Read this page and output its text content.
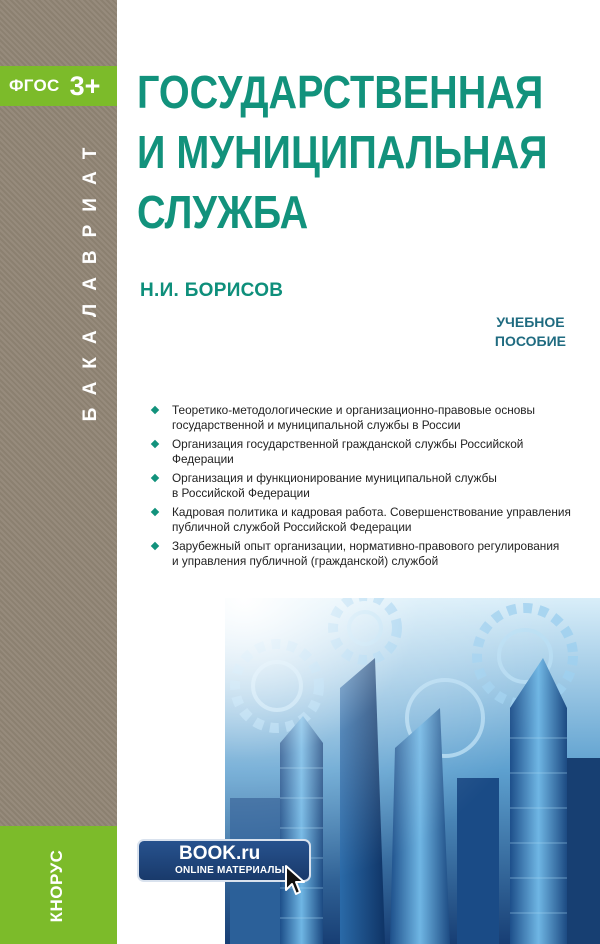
ФГОС 3+
БАКАЛАВРИАТ
КНОРУС
ГОСУДАРСТВЕННАЯ
И МУНИЦИПАЛЬНАЯ
СЛУЖБА
Н.И. БОРИСОВ
УЧЕБНОЕ
ПОСОБИЕ
Теоретико-методологические и организационно-правовые основы
государственной и муниципальной службы в России
Организация государственной гражданской службы Российской Федерации
Организация и функционирование муниципальной службы
в Российской Федерации
Кадровая политика и кадровая работа. Совершенствование управления
публичной службой Российской Федерации
Зарубежный опыт организации, нормативно-правового регулирования
и управления публичной (гражданской) службой
BOOK.ru
ONLINE МАТЕРИАЛЫ
